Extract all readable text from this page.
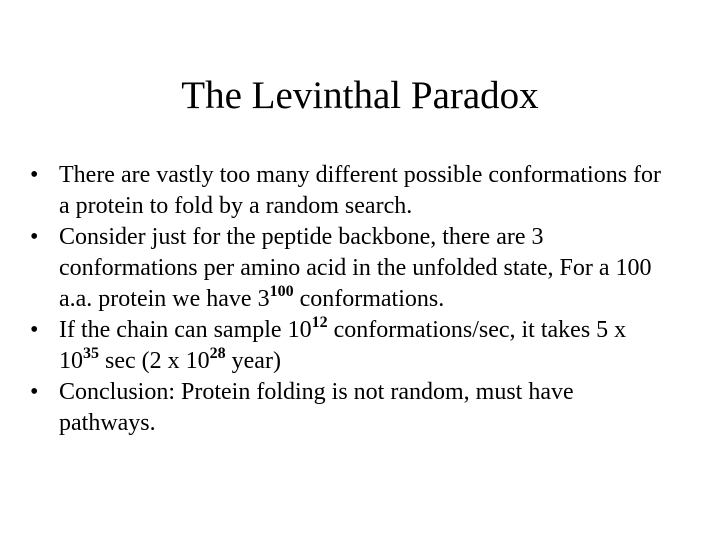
The Levinthal Paradox
• There are vastly too many different possible conformations for a protein to fold by a random search.
• Consider just for the peptide backbone, there are 3 conformations per amino acid in the unfolded state, For a 100 a.a. protein we have $3^{100}$ conformations.
• If the chain can sample $10^{12}$ conformations/sec, it takes 5 x $10^{35}$ sec (2 x $10^{28}$ year)
• Conclusion: Protein folding is not random, must have pathways.
